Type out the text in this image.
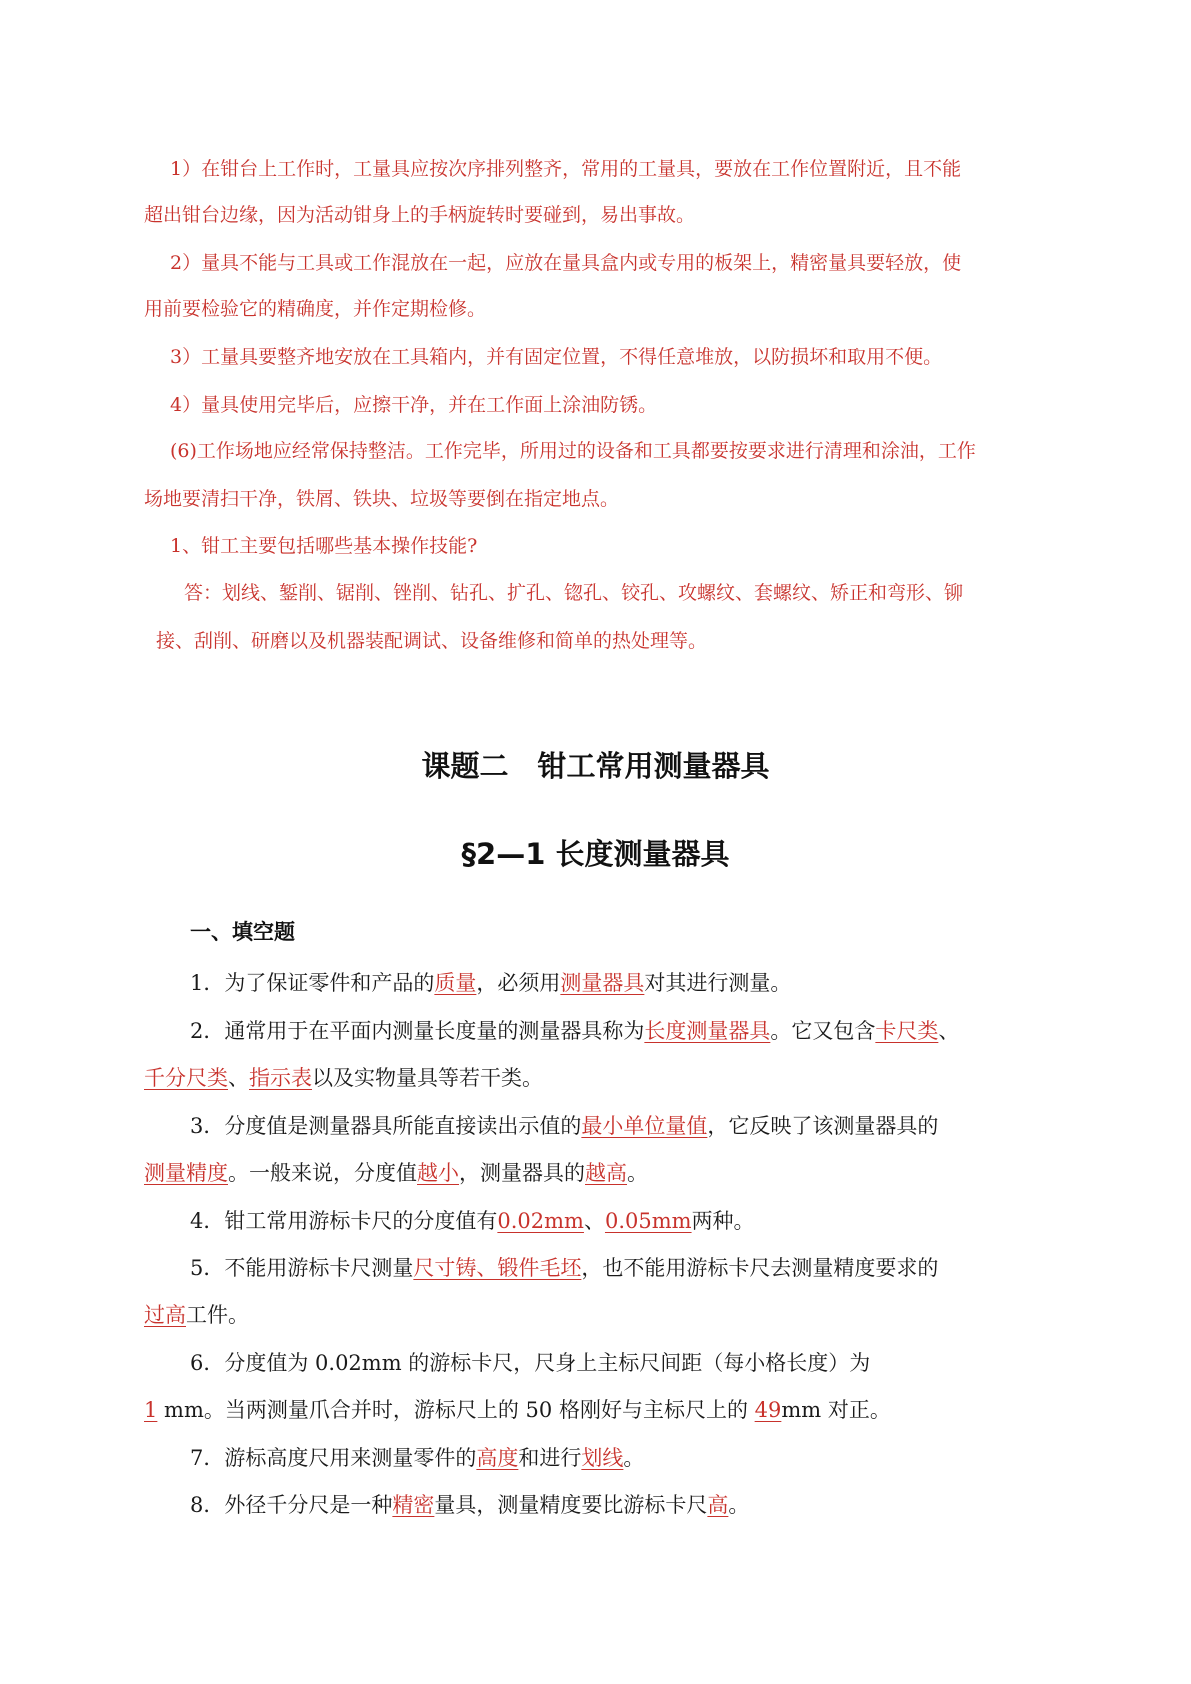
1）在钳台上工作时，工量具应按次序排列整齐，常用的工量具，要放在工作位置附近，且不能
超出钳台边缘，因为活动钳身上的手柄旋转时要碰到，易出事故。
2）量具不能与工具或工作混放在一起，应放在量具盒内或专用的板架上，精密量具要轻放，使
用前要检验它的精确度，并作定期检修。
3）工量具要整齐地安放在工具箱内，并有固定位置，不得任意堆放，以防损坏和取用不便。
4）量具使用完毕后，应擦干净，并在工作面上涂油防锈。
(6)工作场地应经常保持整洁。工作完毕，所用过的设备和工具都要按要求进行清理和涂油，工作
场地要清扫干净，铁屑、铁块、垃圾等要倒在指定地点。
1、钳工主要包括哪些基本操作技能?
答：划线、錾削、锯削、锉削、钻孔、扩孔、锪孔、铰孔、攻螺纹、套螺纹、矫正和弯形、铆
接、刮削、研磨以及机器装配调试、设备维修和简单的热处理等。
课题二　钳工常用测量器具
§2—1 长度测量器具
一、填空题
1．为了保证零件和产品的质量，必须用测量器具对其进行测量。
2．通常用于在平面内测量长度量的测量器具称为长度测量器具。它又包含卡尺类、
千分尺类、指示表以及实物量具等若干类。
3．分度值是测量器具所能直接读出示值的最小单位量值，它反映了该测量器具的
测量精度。一般来说，分度值越小，测量器具的越高。
4．钳工常用游标卡尺的分度值有0.02mm、0.05mm两种。
5．不能用游标卡尺测量尺寸铸、锻件毛坯，也不能用游标卡尺去测量精度要求的
过高工件。
6．分度值为 0.02mm 的游标卡尺，尺身上主标尺间距（每小格长度）为
1 mm。当两测量爪合并时，游标尺上的 50 格刚好与主标尺上的 49mm 对正。
7．游标高度尺用来测量零件的高度和进行划线。
8．外径千分尺是一种精密量具，测量精度要比游标卡尺高。
